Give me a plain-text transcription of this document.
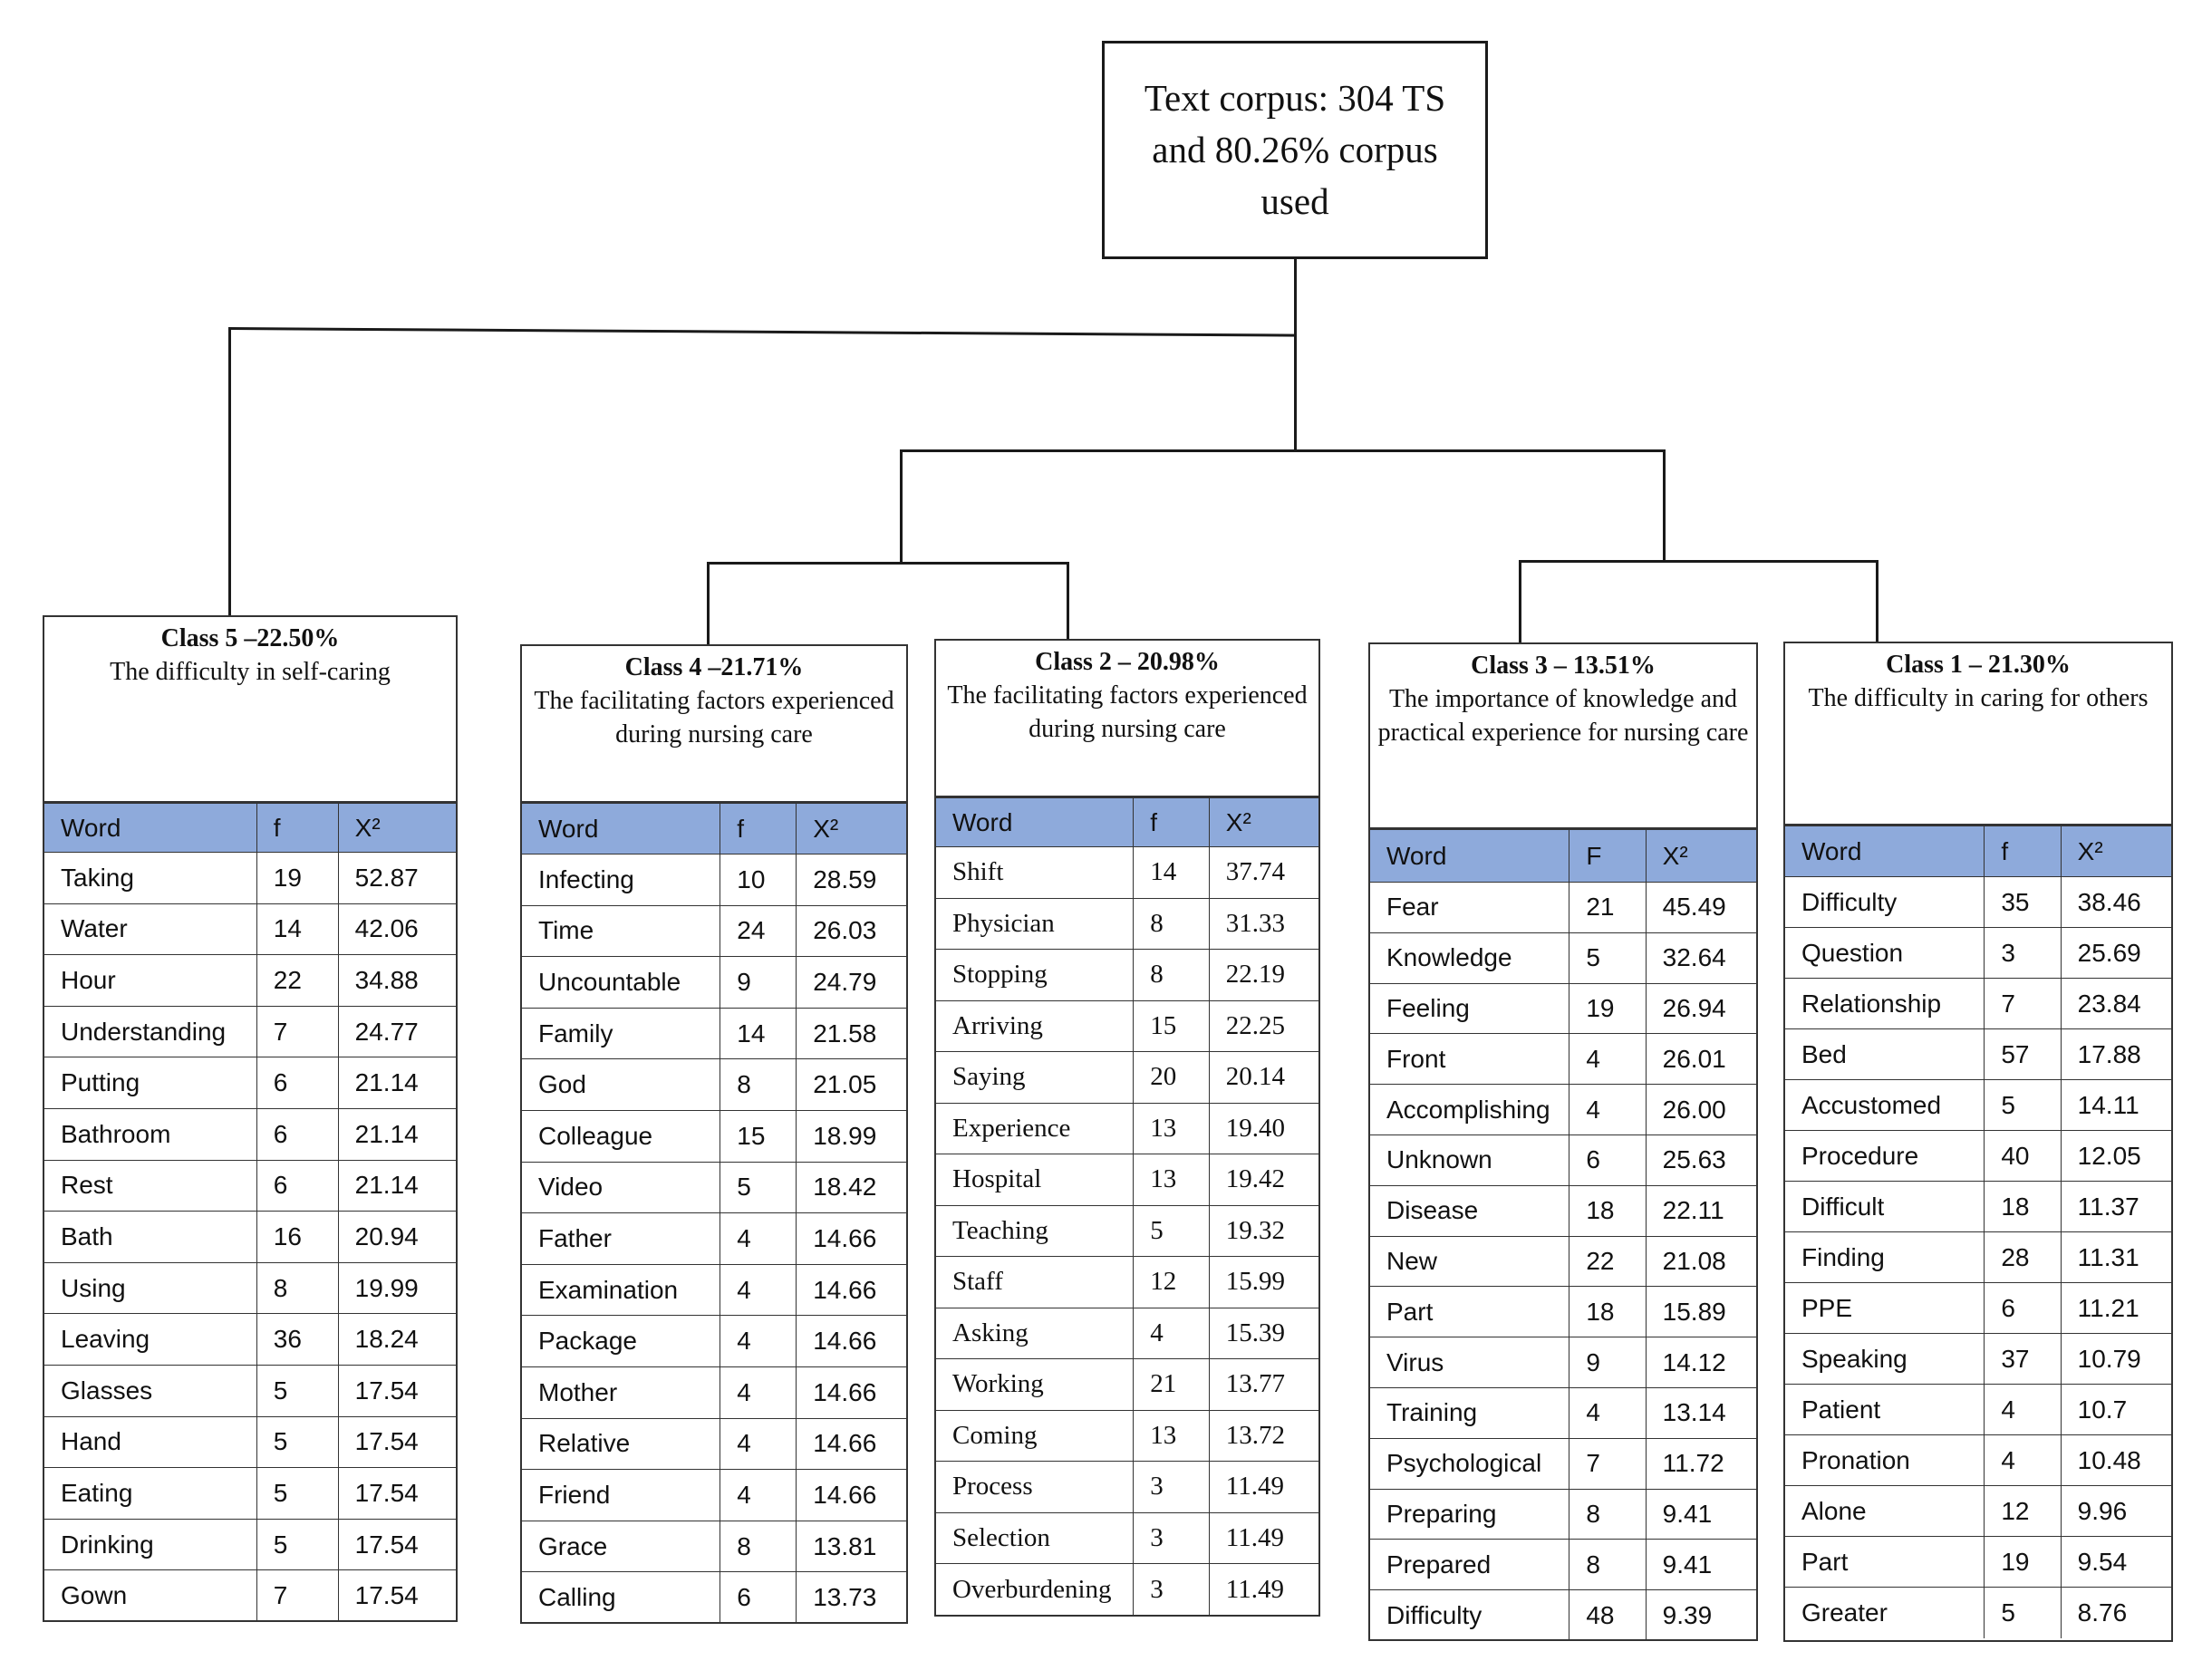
Text corpus: 304 TS and 80.26% corpus used
Class 5 –22.50%
The difficulty in self-caring
Word	f	X²
Taking	19	52.87
Water	14	42.06
Hour	22	34.88
Understanding	7	24.77
Putting	6	21.14
Bathroom	6	21.14
Rest	6	21.14
Bath	16	20.94
Using	8	19.99
Leaving	36	18.24
Glasses	5	17.54
Hand	5	17.54
Eating	5	17.54
Drinking	5	17.54
Gown	7	17.54
Class 4 –21.71%
The facilitating factors experienced during nursing care
Word	f	X²
Infecting	10	28.59
Time	24	26.03
Uncountable	9	24.79
Family	14	21.58
God	8	21.05
Colleague	15	18.99
Video	5	18.42
Father	4	14.66
Examination	4	14.66
Package	4	14.66
Mother	4	14.66
Relative	4	14.66
Friend	4	14.66
Grace	8	13.81
Calling	6	13.73
Class 2 – 20.98%
The facilitating factors experienced during nursing care
Word	f	X²
Shift	14	37.74
Physician	8	31.33
Stopping	8	22.19
Arriving	15	22.25
Saying	20	20.14
Experience	13	19.40
Hospital	13	19.42
Teaching	5	19.32
Staff	12	15.99
Asking	4	15.39
Working	21	13.77
Coming	13	13.72
Process	3	11.49
Selection	3	11.49
Overburdening	3	11.49
Class 3 – 13.51%
The importance of knowledge and practical experience for nursing care
Word	F	X²
Fear	21	45.49
Knowledge	5	32.64
Feeling	19	26.94
Front	4	26.01
Accomplishing	4	26.00
Unknown	6	25.63
Disease	18	22.11
New	22	21.08
Part	18	15.89
Virus	9	14.12
Training	4	13.14
Psychological	7	11.72
Preparing	8	9.41
Prepared	8	9.41
Difficulty	48	9.39
Class 1 – 21.30%
The difficulty in caring for others
Word	f	X²
Difficulty	35	38.46
Question	3	25.69
Relationship	7	23.84
Bed	57	17.88
Accustomed	5	14.11
Procedure	40	12.05
Difficult	18	11.37
Finding	28	11.31
PPE	6	11.21
Speaking	37	10.79
Patient	4	10.7
Pronation	4	10.48
Alone	12	9.96
Part	19	9.54
Greater	5	8.76
